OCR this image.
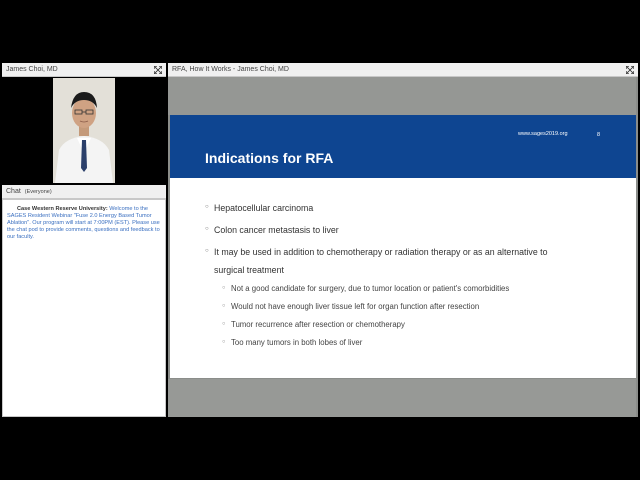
James Choi, MD
Chat (Everyone)
Case Western Reserve University: Welcome to the SAGES Resident Webinar "Fuse 2.0 Energy Based Tumor Ablation". Our program will start at 7:00PM (EST). Please use the chat pod to provide comments, questions and feedback to our faculty.
RFA, How It Works - James Choi, MD
Indications for RFA
www.sages2019.org	8
○ Hepatocellular carcinoma
○ Colon cancer metastasis to liver
○ It may be used in addition to chemotherapy or radiation therapy or as an alternative to
surgical treatment
○ Not a good candidate for surgery, due to tumor location or patient's comorbidities
○ Would not have enough liver tissue left for organ function after resection
○ Tumor recurrence after resection or chemotherapy
○ Too many tumors in both lobes of liver
